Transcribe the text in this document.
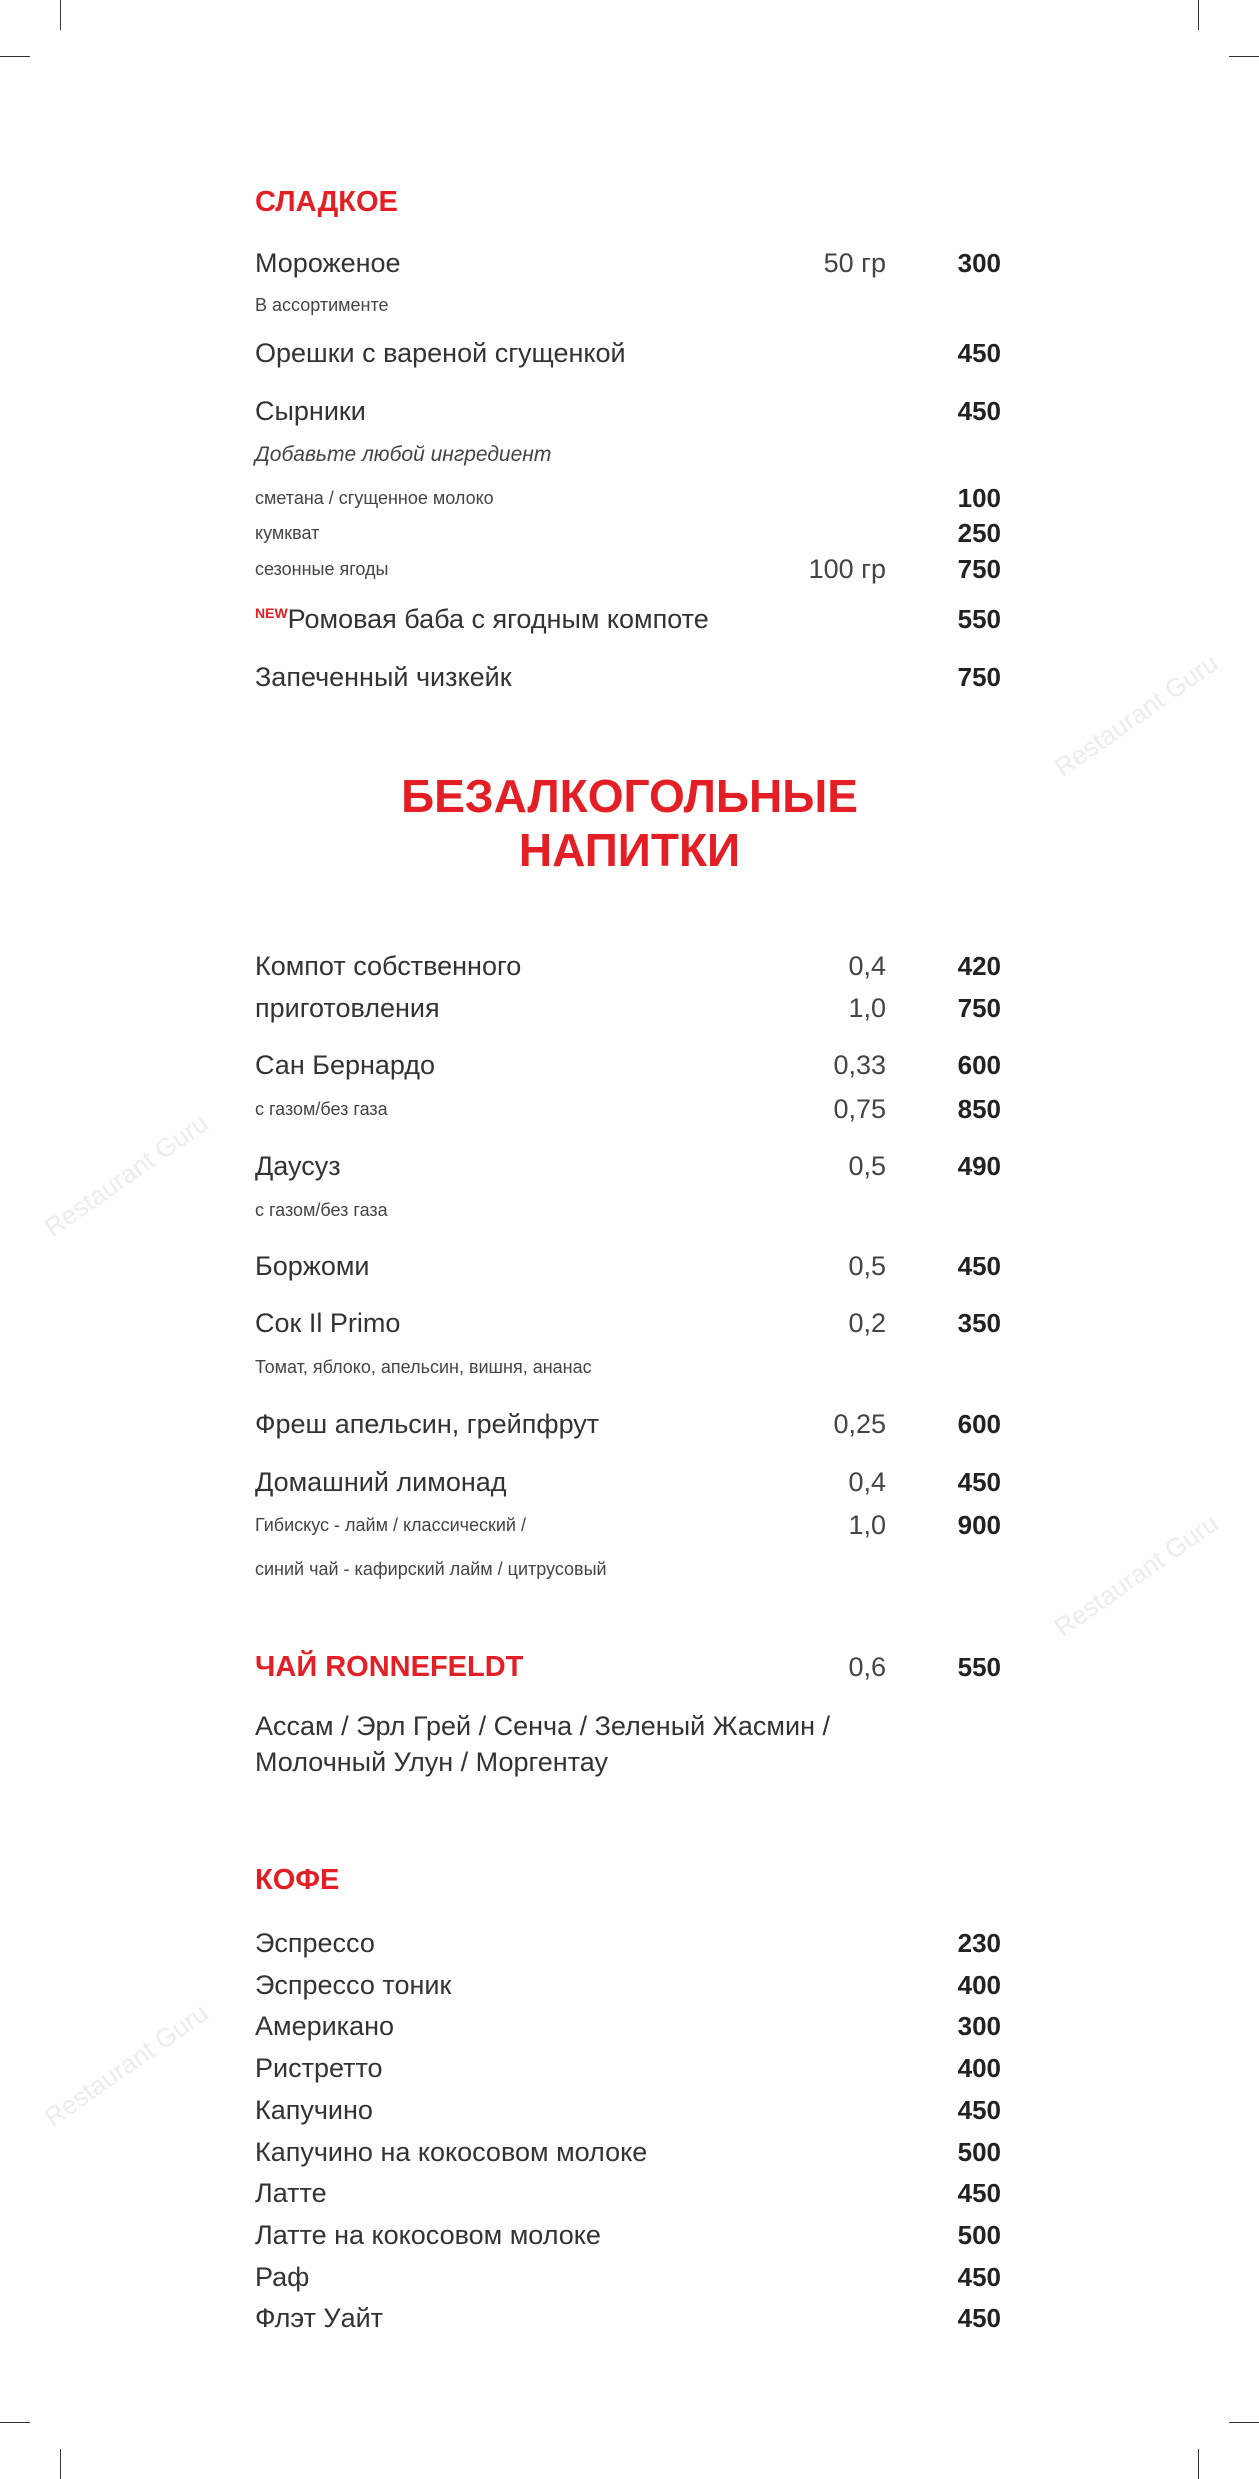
Restaurant Guru
Restaurant Guru
Restaurant Guru
Restaurant Guru
СЛАДКОЕ
Мороженое	50 гр	300
В ассортименте
Орешки с вареной сгущенкой	450
Сырники	450
Добавьте любой ингредиент
сметана / сгущенное молоко	100
кумкват	250
сезонные ягоды	100 гр	750
$^{NEW}$Ромовая баба с ягодным компоте	550
Запеченный чизкейк	750
БЕЗАЛКОГОЛЬНЫЕ
НАПИТКИ
Компот собственного	0,4	420
приготовления	1,0	750
Сан Бернардо	0,33	600
с газом/без газа	0,75	850
Даусуз	0,5	490
с газом/без газа
Боржоми	0,5	450
Сок Il Primo	0,2	350
Томат, яблоко, апельсин, вишня, ананас
Фреш апельсин, грейпфрут	0,25	600
Домашний лимонад	0,4	450
Гибискус - лайм / классический /	1,0	900
синий чай - кафирский лайм / цитрусовый
ЧАЙ RONNEFELDT	0,6	550
Ассам / Эрл Грей / Сенча / Зеленый Жасмин /
Молочный Улун / Моргентау
КОФЕ
Эспрессо	230
Эспрессо тоник	400
Американо	300
Ристретто	400
Капучино	450
Капучино на кокосовом молоке	500
Латте	450
Латте на кокосовом молоке	500
Раф	450
Флэт Уайт	450
